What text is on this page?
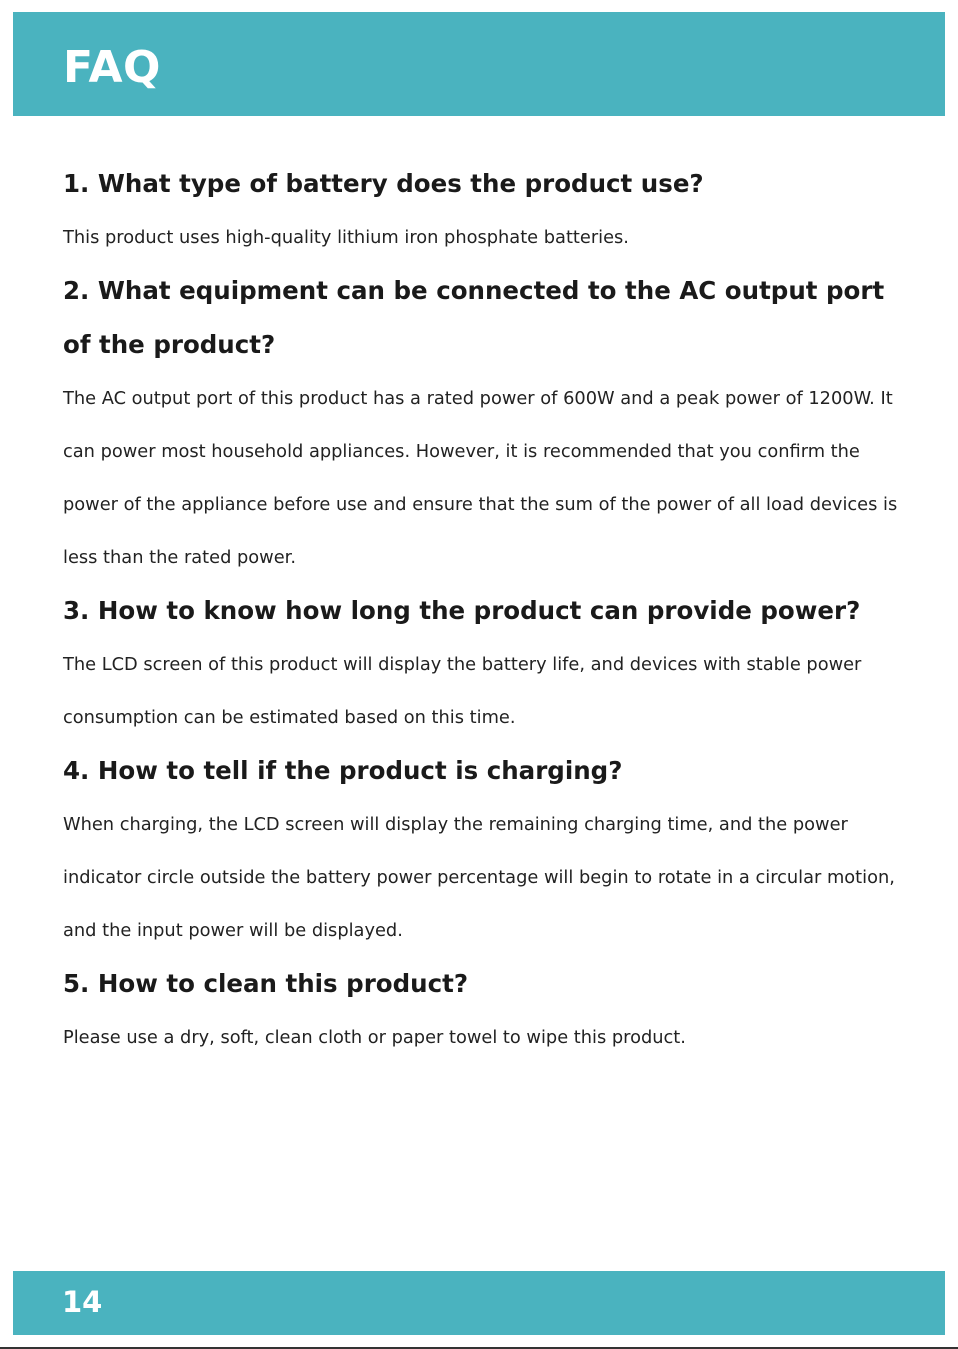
FAQ
1. What type of battery does the product use?

This product uses high-quality lithium iron phosphate batteries.

2. What equipment can be connected to the AC output port of the product?

The AC output port of this product has a rated power of 600W and a peak power of 1200W. It can power most household appliances. However, it is recommended that you confirm the power of the appliance before use and ensure that the sum of the power of all load devices is less than the rated power.

3. How to know how long the product can provide power?

The LCD screen of this product will display the battery life, and devices with stable power consumption can be estimated based on this time.

4. How to tell if the product is charging?

When charging, the LCD screen will display the remaining charging time, and the power indicator circle outside the battery power percentage will begin to rotate in a circular motion, and the input power will be displayed.

5. How to clean this product?

Please use a dry, soft, clean cloth or paper towel to wipe this product.

14
